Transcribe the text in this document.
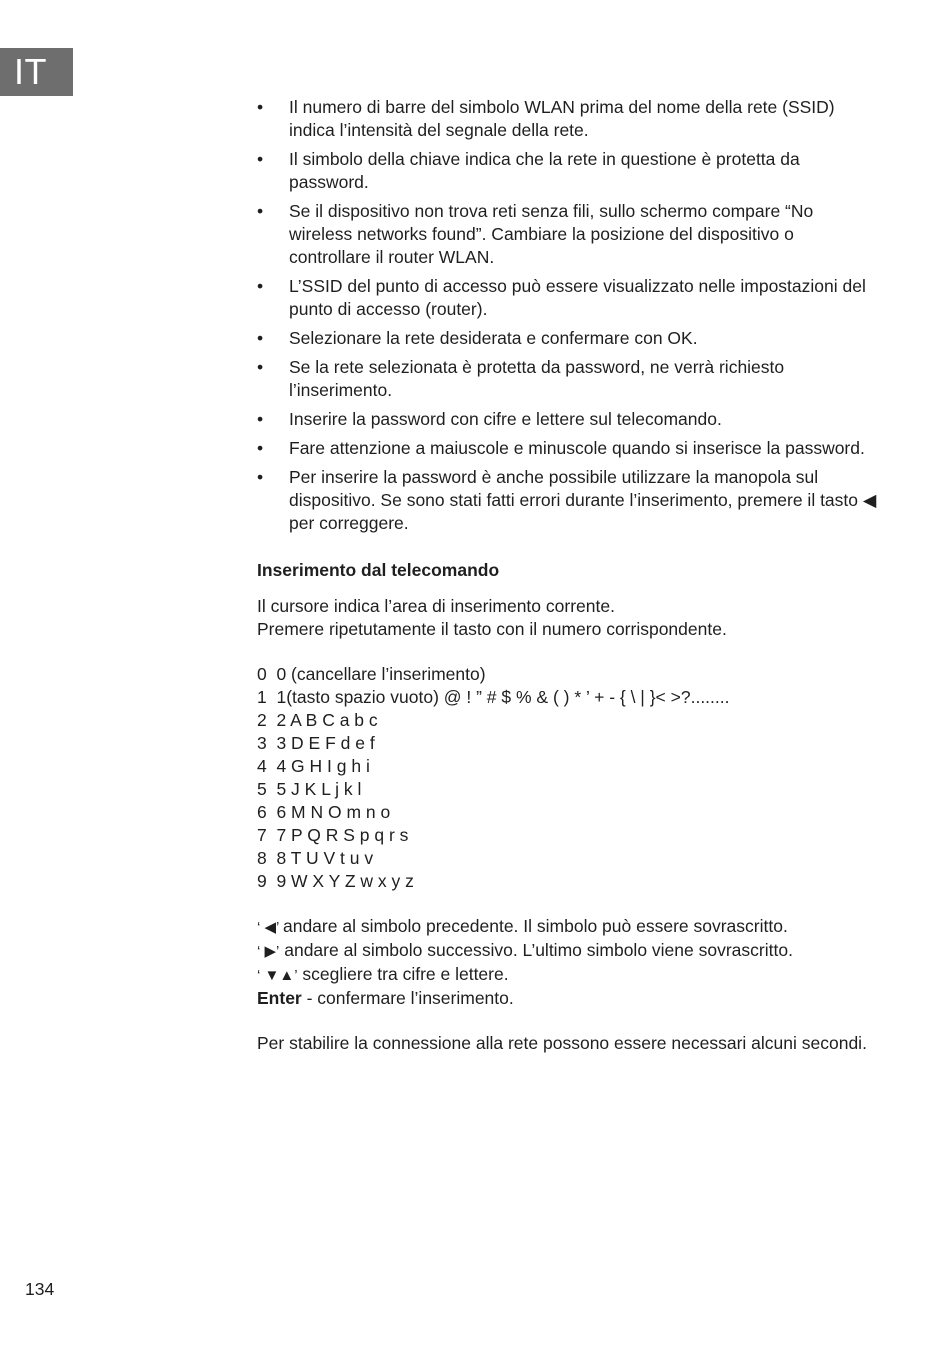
IT
• Il numero di barre del simbolo WLAN prima del nome della rete (SSID) indica l’intensità del segnale della rete.
• Il simbolo della chiave indica che la rete in questione è protetta da password.
• Se il dispositivo non trova reti senza fili, sullo schermo compare “No wireless networks found”. Cambiare la posizione del dispositivo o controllare il router WLAN.
• L’SSID del punto di accesso può essere visualizzato nelle impostazioni del punto di accesso (router).
• Selezionare la rete desiderata e confermare con OK.
• Se la rete selezionata è protetta da password, ne verrà richiesto l’inserimento.
• Inserire la password con cifre e lettere sul telecomando.
• Fare attenzione a maiuscole e minuscole quando si inserisce la password.
• Per inserire la password è anche possibile utilizzare la manopola sul dispositivo. Se sono stati fatti errori durante l’inserimento, premere il tasto ◀ per correggere.
Inserimento dal telecomando

Il cursore indica l’area di inserimento corrente.

Premere ripetutamente il tasto con il numero corrispondente.

0  0 (cancellare l’inserimento)
1  1(tasto spazio vuoto) @ ! ” # $ % & ( ) * ’ + - { \ | }< >?........
2  2 A B C a b c
3  3 D E F d e f
4  4 G H I g h i
5  5 J K L j k l
6  6 M N O m n o
7  7 P Q R S p q r s
8  8 T U V t u v
9  9 W X Y Z w x y z
‘ ◀’ andare al simbolo precedente. Il simbolo può essere sovrascritto.
‘ ▶’ andare al simbolo successivo. L’ultimo simbolo viene sovrascritto.
‘ ▼▲’ scegliere tra cifre e lettere.
Enter - confermare l’inserimento.

Per stabilire la connessione alla rete possono essere necessari alcuni secondi.

134
